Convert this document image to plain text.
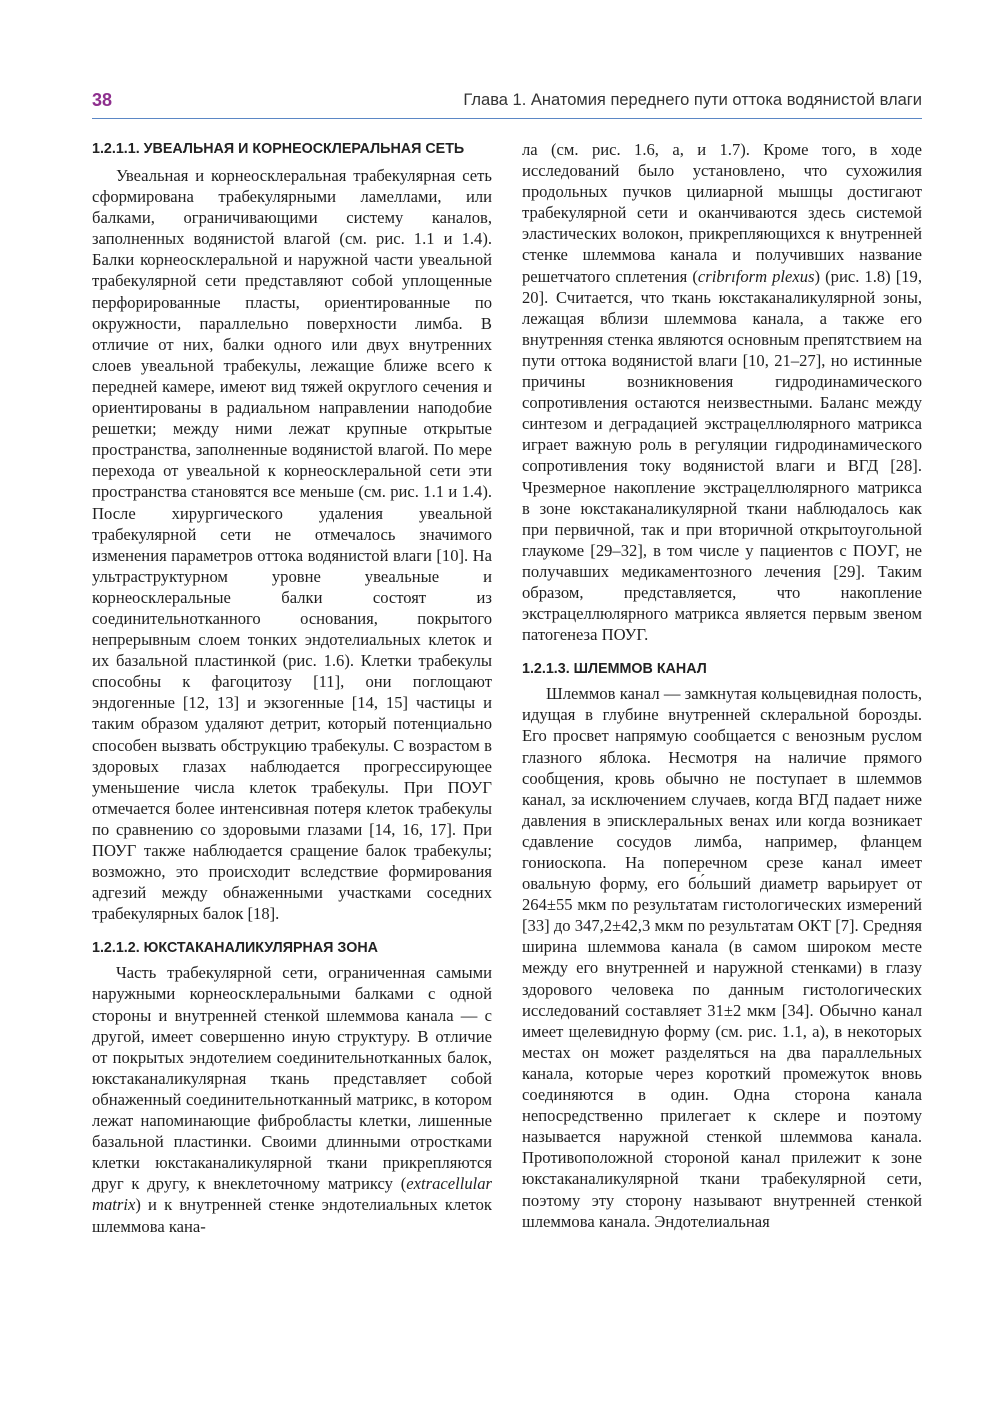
38	Глава 1. Анатомия переднего пути оттока водянистой влаги
1.2.1.1. УВЕАЛЬНАЯ И КОРНЕОСКЛЕРАЛЬНАЯ СЕТЬ

Увеальная и корнеосклеральная трабекулярная сеть сформирована трабекулярными ламеллами, или балками, ограничивающими систему каналов, заполненных водянистой влагой (см. рис. 1.1 и 1.4). Балки корнеосклеральной и наружной части увеальной трабекулярной сети представляют собой уплощенные перфорированные пласты, ориентированные по окружности, параллельно поверхности лимба. В отличие от них, балки одного или двух внутренних слоев увеальной трабекулы, лежащие ближе всего к передней камере, имеют вид тяжей округлого сечения и ориентированы в радиальном направлении наподобие решетки; между ними лежат крупные открытые пространства, заполненные водянистой влагой. По мере перехода от увеальной к корнеосклеральной сети эти пространства становятся все меньше (см. рис. 1.1 и 1.4). После хирургического удаления увеальной трабекулярной сети не отмечалось значимого изменения параметров оттока водянистой влаги [10]. На ультраструктурном уровне увеальные и корнеосклеральные балки состоят из соединительнотканного основания, покрытого непрерывным слоем тонких эндотелиальных клеток и их базальной пластинкой (рис. 1.6). Клетки трабекулы способны к фагоцитозу [11], они поглощают эндогенные [12, 13] и экзогенные [14, 15] частицы и таким образом удаляют детрит, который потенциально способен вызвать обструкцию трабекулы. С возрастом в здоровых глазах наблюдается прогрессирующее уменьшение числа клеток трабекулы. При ПОУГ отмечается более интенсивная потеря клеток трабекулы по сравнению со здоровыми глазами [14, 16, 17]. При ПОУГ также наблюдается сращение балок трабекулы; возможно, это происходит вследствие формирования адгезий между обнаженными участками соседних трабекулярных балок [18].

1.2.1.2. ЮКСТАКАНАЛИКУЛЯРНАЯ ЗОНА

Часть трабекулярной сети, ограниченная самыми наружными корнеосклеральными балками с одной стороны и внутренней стенкой шлеммова канала — с другой, имеет совершенно иную структуру. В отличие от покрытых эндотелием соединительнотканных балок, юкстаканаликулярная ткань представляет собой обнаженный соединительнотканный матрикс, в котором лежат напоминающие фибробласты клетки, лишенные базальной пластинки. Своими длинными отростками клетки юкстаканаликулярной ткани прикрепляются друг к другу, к внеклеточному матриксу (extracellular matrix) и к внутренней стенке эндотелиальных клеток шлеммова кана-

ла (см. рис. 1.6, а, и 1.7). Кроме того, в ходе исследований было установлено, что сухожилия продольных пучков цилиарной мышцы достигают трабекулярной сети и оканчиваются здесь системой эластических волокон, прикрепляющихся к внутренней стенке шлеммова канала и получивших название решетчатого сплетения (cribrıform plexus) (рис. 1.8) [19, 20]. Считается, что ткань юкстаканаликулярной зоны, лежащая вблизи шлеммова канала, а также его внутренняя стенка являются основным препятствием на пути оттока водянистой влаги [10, 21–27], но истинные причины возникновения гидродинамического сопротивления остаются неизвестными. Баланс между синтезом и деградацией экстрацеллюлярного матрикса играет важную роль в регуляции гидродинамического сопротивления току водянистой влаги и ВГД [28]. Чрезмерное накопление экстрацеллюлярного матрикса в зоне юкстаканаликулярной ткани наблюдалось как при первичной, так и при вторичной открытоугольной глаукоме [29–32], в том числе у пациентов с ПОУГ, не получавших медикаментозного лечения [29]. Таким образом, представляется, что накопление экстрацеллюлярного матрикса является первым звеном патогенеза ПОУГ.

1.2.1.3. ШЛЕММОВ КАНАЛ

Шлеммов канал — замкнутая кольцевидная полость, идущая в глубине внутренней склеральной борозды. Его просвет напрямую сообщается с венозным руслом глазного яблока. Несмотря на наличие прямого сообщения, кровь обычно не поступает в шлеммов канал, за исключением случаев, когда ВГД падает ниже давления в эписклеральных венах или когда возникает сдавление сосудов лимба, например, фланцем гониоскопа. На поперечном срезе канал имеет овальную форму, его бо́льший диаметр варьирует от 264±55 мкм по результатам гистологических измерений [33] до 347,2±42,3 мкм по результатам ОКТ [7]. Средняя ширина шлеммова канала (в самом широком месте между его внутренней и наружной стенками) в глазу здорового человека по данным гистологических исследований составляет 31±2 мкм [34]. Обычно канал имеет щелевидную форму (см. рис. 1.1, а), в некоторых местах он может разделяться на два параллельных канала, которые через короткий промежуток вновь соединяются в один. Одна сторона канала непосредственно прилегает к склере и поэтому называется наружной стенкой шлеммова канала. Противоположной стороной канал прилежит к зоне юкстаканаликулярной ткани трабекулярной сети, поэтому эту сторону называют внутренней стенкой шлеммова канала. Эндотелиальная
